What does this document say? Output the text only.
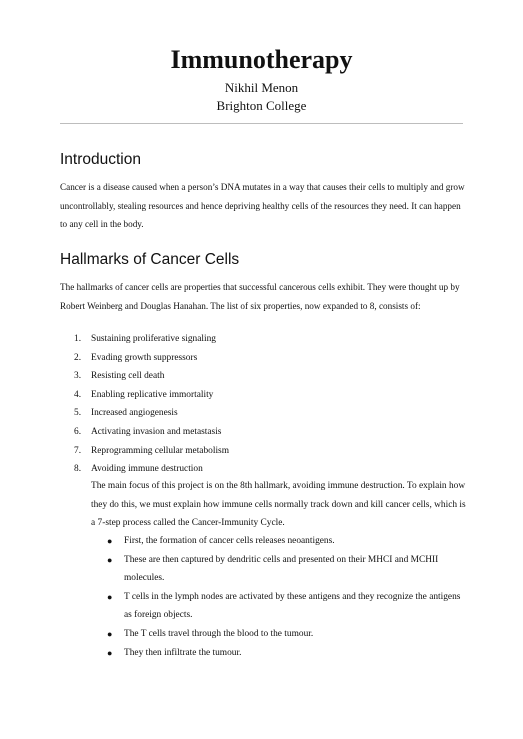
Immunotherapy
Nikhil Menon
Brighton College
Introduction

Cancer is a disease caused when a person’s DNA mutates in a way that causes their cells to multiply and grow uncontrollably, stealing resources and hence depriving healthy cells of the resources they need. It can happen to any cell in the body.

Hallmarks of Cancer Cells

The hallmarks of cancer cells are properties that successful cancerous cells exhibit. They were thought up by Robert Weinberg and Douglas Hanahan. The list of six properties, now expanded to 8, consists of:

1.	Sustaining proliferative signaling
2.	Evading growth suppressors
3.	Resisting cell death
4.	Enabling replicative immortality
5.	Increased angiogenesis
6.	Activating invasion and metastasis
7.	Reprogramming cellular metabolism
8.	Avoiding immune destruction

The main focus of this project is on the 8th hallmark, avoiding immune destruction. To explain how they do this, we must explain how immune cells normally track down and kill cancer cells, which is a 7-step process called the Cancer-Immunity Cycle.

● First, the formation of cancer cells releases neoantigens.
● These are then captured by dendritic cells and presented on their MHCI and MCHII molecules.
● T cells in the lymph nodes are activated by these antigens and they recognize the antigens as foreign objects.
● The T cells travel through the blood to the tumour.
● They then infiltrate the tumour.
